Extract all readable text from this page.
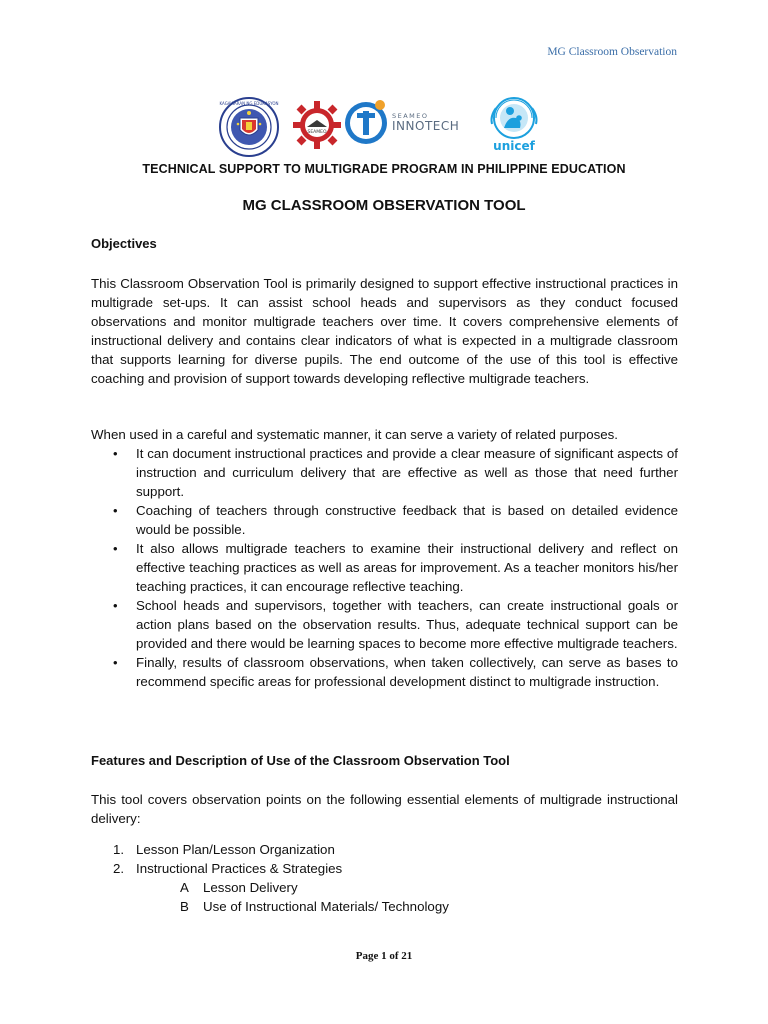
MG Classroom Observation
KAGAWARAN NG EDUKASYON
SEAMEO
SEAMEO
INNOTECH
unicef
TECHNICAL SUPPORT TO MULTIGRADE PROGRAM IN PHILIPPINE EDUCATION
MG CLASSROOM OBSERVATION TOOL
Objectives

This Classroom Observation Tool is primarily designed to support effective instructional practices in multigrade set-ups. It can assist school heads and supervisors as they conduct focused observations and monitor multigrade teachers over time. It covers comprehensive elements of instructional delivery and contains clear indicators of what is expected in a multigrade classroom that supports learning for diverse pupils. The end outcome of the use of this tool is effective coaching and provision of support towards developing reflective multigrade teachers.

When used in a careful and systematic manner, it can serve a variety of related purposes.

• It can document instructional practices and provide a clear measure of significant aspects of instruction and curriculum delivery that are effective as well as those that need further support.
• Coaching of teachers through constructive feedback that is based on detailed evidence would be possible.
• It also allows multigrade teachers to examine their instructional delivery and reflect on effective teaching practices as well as areas for improvement. As a teacher monitors his/her teaching practices, it can encourage reflective teaching.
• School heads and supervisors, together with teachers, can create instructional goals or action plans based on the observation results. Thus, adequate technical support can be provided and there would be learning spaces to become more effective multigrade teachers.
• Finally, results of classroom observations, when taken collectively, can serve as bases to recommend specific areas for professional development distinct to multigrade instruction.
Features and Description of Use of the Classroom Observation Tool

This tool covers observation points on the following essential elements of multigrade instructional delivery:

1. Lesson Plan/Lesson Organization
2. Instructional Practices & Strategies
A Lesson Delivery
B Use of Instructional Materials/ Technology
Page 1 of 21
